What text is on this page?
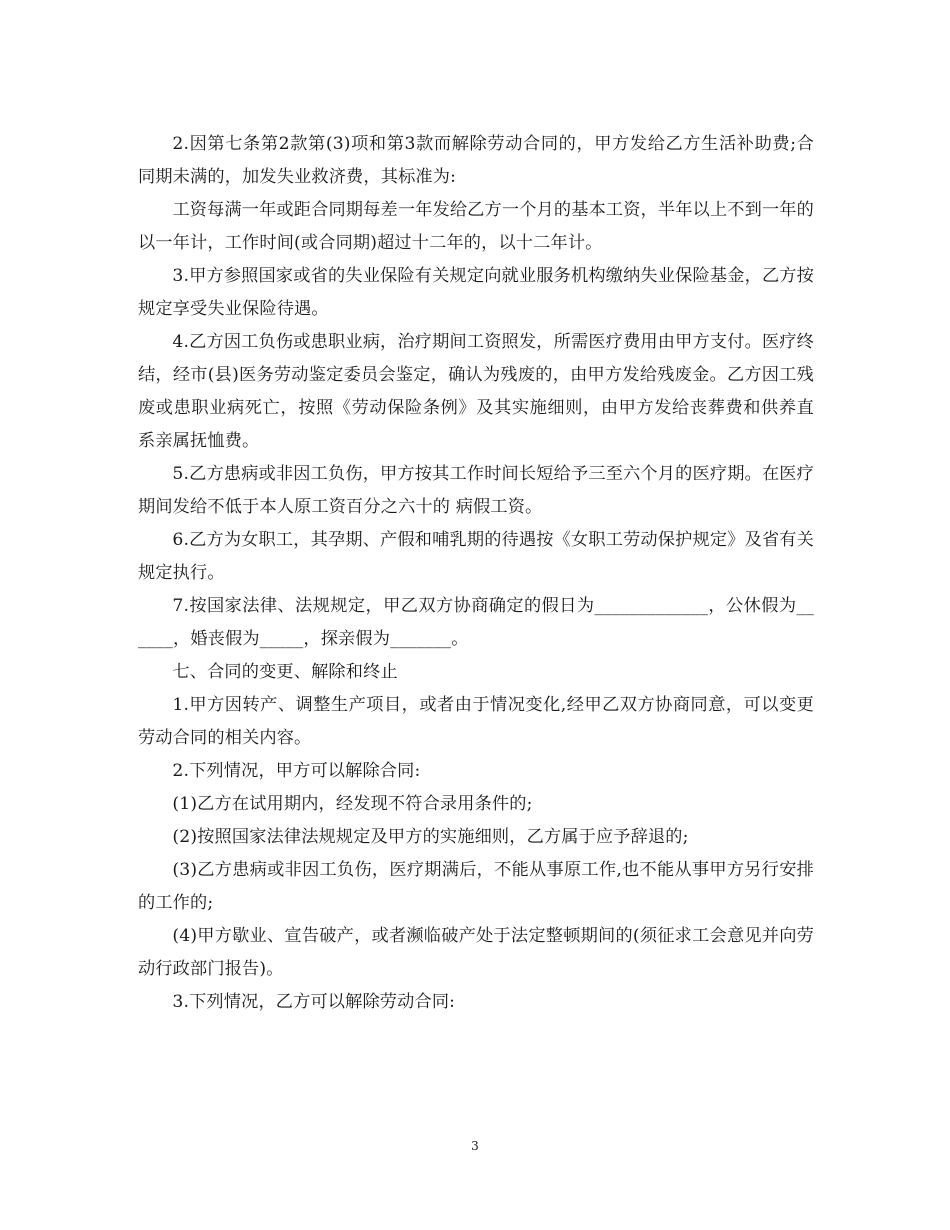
2.因第七条第2款第(3)项和第3款而解除劳动合同的，甲方发给乙方生活补助费;合同期未满的，加发失业救济费，其标准为:

工资每满一年或距合同期每差一年发给乙方一个月的基本工资，半年以上不到一年的以一年计，工作时间(或合同期)超过十二年的，以十二年计。

3.甲方参照国家或省的失业保险有关规定向就业服务机构缴纳失业保险基金，乙方按规定享受失业保险待遇。

4.乙方因工负伤或患职业病，治疗期间工资照发，所需医疗费用由甲方支付。医疗终结，经市(县)医务劳动鉴定委员会鉴定，确认为残废的，由甲方发给残废金。乙方因工残废或患职业病死亡，按照《劳动保险条例》及其实施细则，由甲方发给丧葬费和供养直系亲属抚恤费。

5.乙方患病或非因工负伤，甲方按其工作时间长短给予三至六个月的医疗期。在医疗期间发给不低于本人原工资百分之六十的 病假工资。

6.乙方为女职工，其孕期、产假和哺乳期的待遇按《女职工劳动保护规定》及省有关规定执行。

7.按国家法律、法规规定，甲乙双方协商确定的假日为_____________，公休假为______，婚丧假为_____，探亲假为_______。

七、合同的变更、解除和终止

1.甲方因转产、调整生产项目，或者由于情况变化,经甲乙双方协商同意，可以变更劳动合同的相关内容。

2.下列情况，甲方可以解除合同:

(1)乙方在试用期内，经发现不符合录用条件的;

(2)按照国家法律法规规定及甲方的实施细则，乙方属于应予辞退的;

(3)乙方患病或非因工负伤，医疗期满后，不能从事原工作,也不能从事甲方另行安排的工作的;

(4)甲方歇业、宣告破产，或者濒临破产处于法定整顿期间的(须征求工会意见并向劳动行政部门报告)。

3.下列情况，乙方可以解除劳动合同:

3
